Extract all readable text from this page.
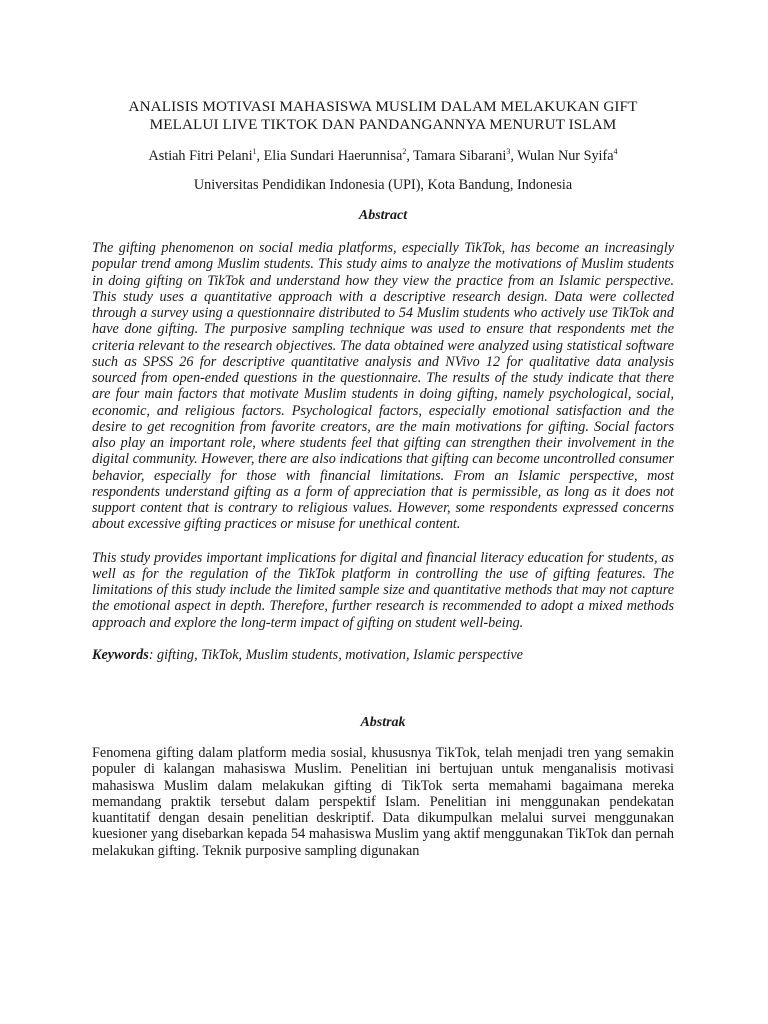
ANALISIS MOTIVASI MAHASISWA MUSLIM DALAM MELAKUKAN GIFT
MELALUI LIVE TIKTOK DAN PANDANGANNYA MENURUT ISLAM
Astiah Fitri Pelani$^1$, Elia Sundari Haerunnisa$^2$, Tamara Sibarani$^3$, Wulan Nur Syifa$^4$
Universitas Pendidikan Indonesia (UPI), Kota Bandung, Indonesia
Abstract

The gifting phenomenon on social media platforms, especially TikTok, has become an increasingly popular trend among Muslim students. This study aims to analyze the motivations of Muslim students in doing gifting on TikTok and understand how they view the practice from an Islamic perspective. This study uses a quantitative approach with a descriptive research design. Data were collected through a survey using a questionnaire distributed to 54 Muslim students who actively use TikTok and have done gifting. The purposive sampling technique was used to ensure that respondents met the criteria relevant to the research objectives. The data obtained were analyzed using statistical software such as SPSS 26 for descriptive quantitative analysis and NVivo 12 for qualitative data analysis sourced from open-ended questions in the questionnaire. The results of the study indicate that there are four main factors that motivate Muslim students in doing gifting, namely psychological, social, economic, and religious factors. Psychological factors, especially emotional satisfaction and the desire to get recognition from favorite creators, are the main motivations for gifting. Social factors also play an important role, where students feel that gifting can strengthen their involvement in the digital community. However, there are also indications that gifting can become uncontrolled consumer behavior, especially for those with financial limitations. From an Islamic perspective, most respondents understand gifting as a form of appreciation that is permissible, as long as it does not support content that is contrary to religious values. However, some respondents expressed concerns about excessive gifting practices or misuse for unethical content.

This study provides important implications for digital and financial literacy education for students, as well as for the regulation of the TikTok platform in controlling the use of gifting features. The limitations of this study include the limited sample size and quantitative methods that may not capture the emotional aspect in depth. Therefore, further research is recommended to adopt a mixed methods approach and explore the long-term impact of gifting on student well-being.

Keywords: gifting, TikTok, Muslim students, motivation, Islamic perspective
Abstrak

Fenomena gifting dalam platform media sosial, khususnya TikTok, telah menjadi tren yang semakin populer di kalangan mahasiswa Muslim. Penelitian ini bertujuan untuk menganalisis motivasi mahasiswa Muslim dalam melakukan gifting di TikTok serta memahami bagaimana mereka memandang praktik tersebut dalam perspektif Islam. Penelitian ini menggunakan pendekatan kuantitatif dengan desain penelitian deskriptif. Data dikumpulkan melalui survei menggunakan kuesioner yang disebarkan kepada 54 mahasiswa Muslim yang aktif menggunakan TikTok dan pernah melakukan gifting. Teknik purposive sampling digunakan
